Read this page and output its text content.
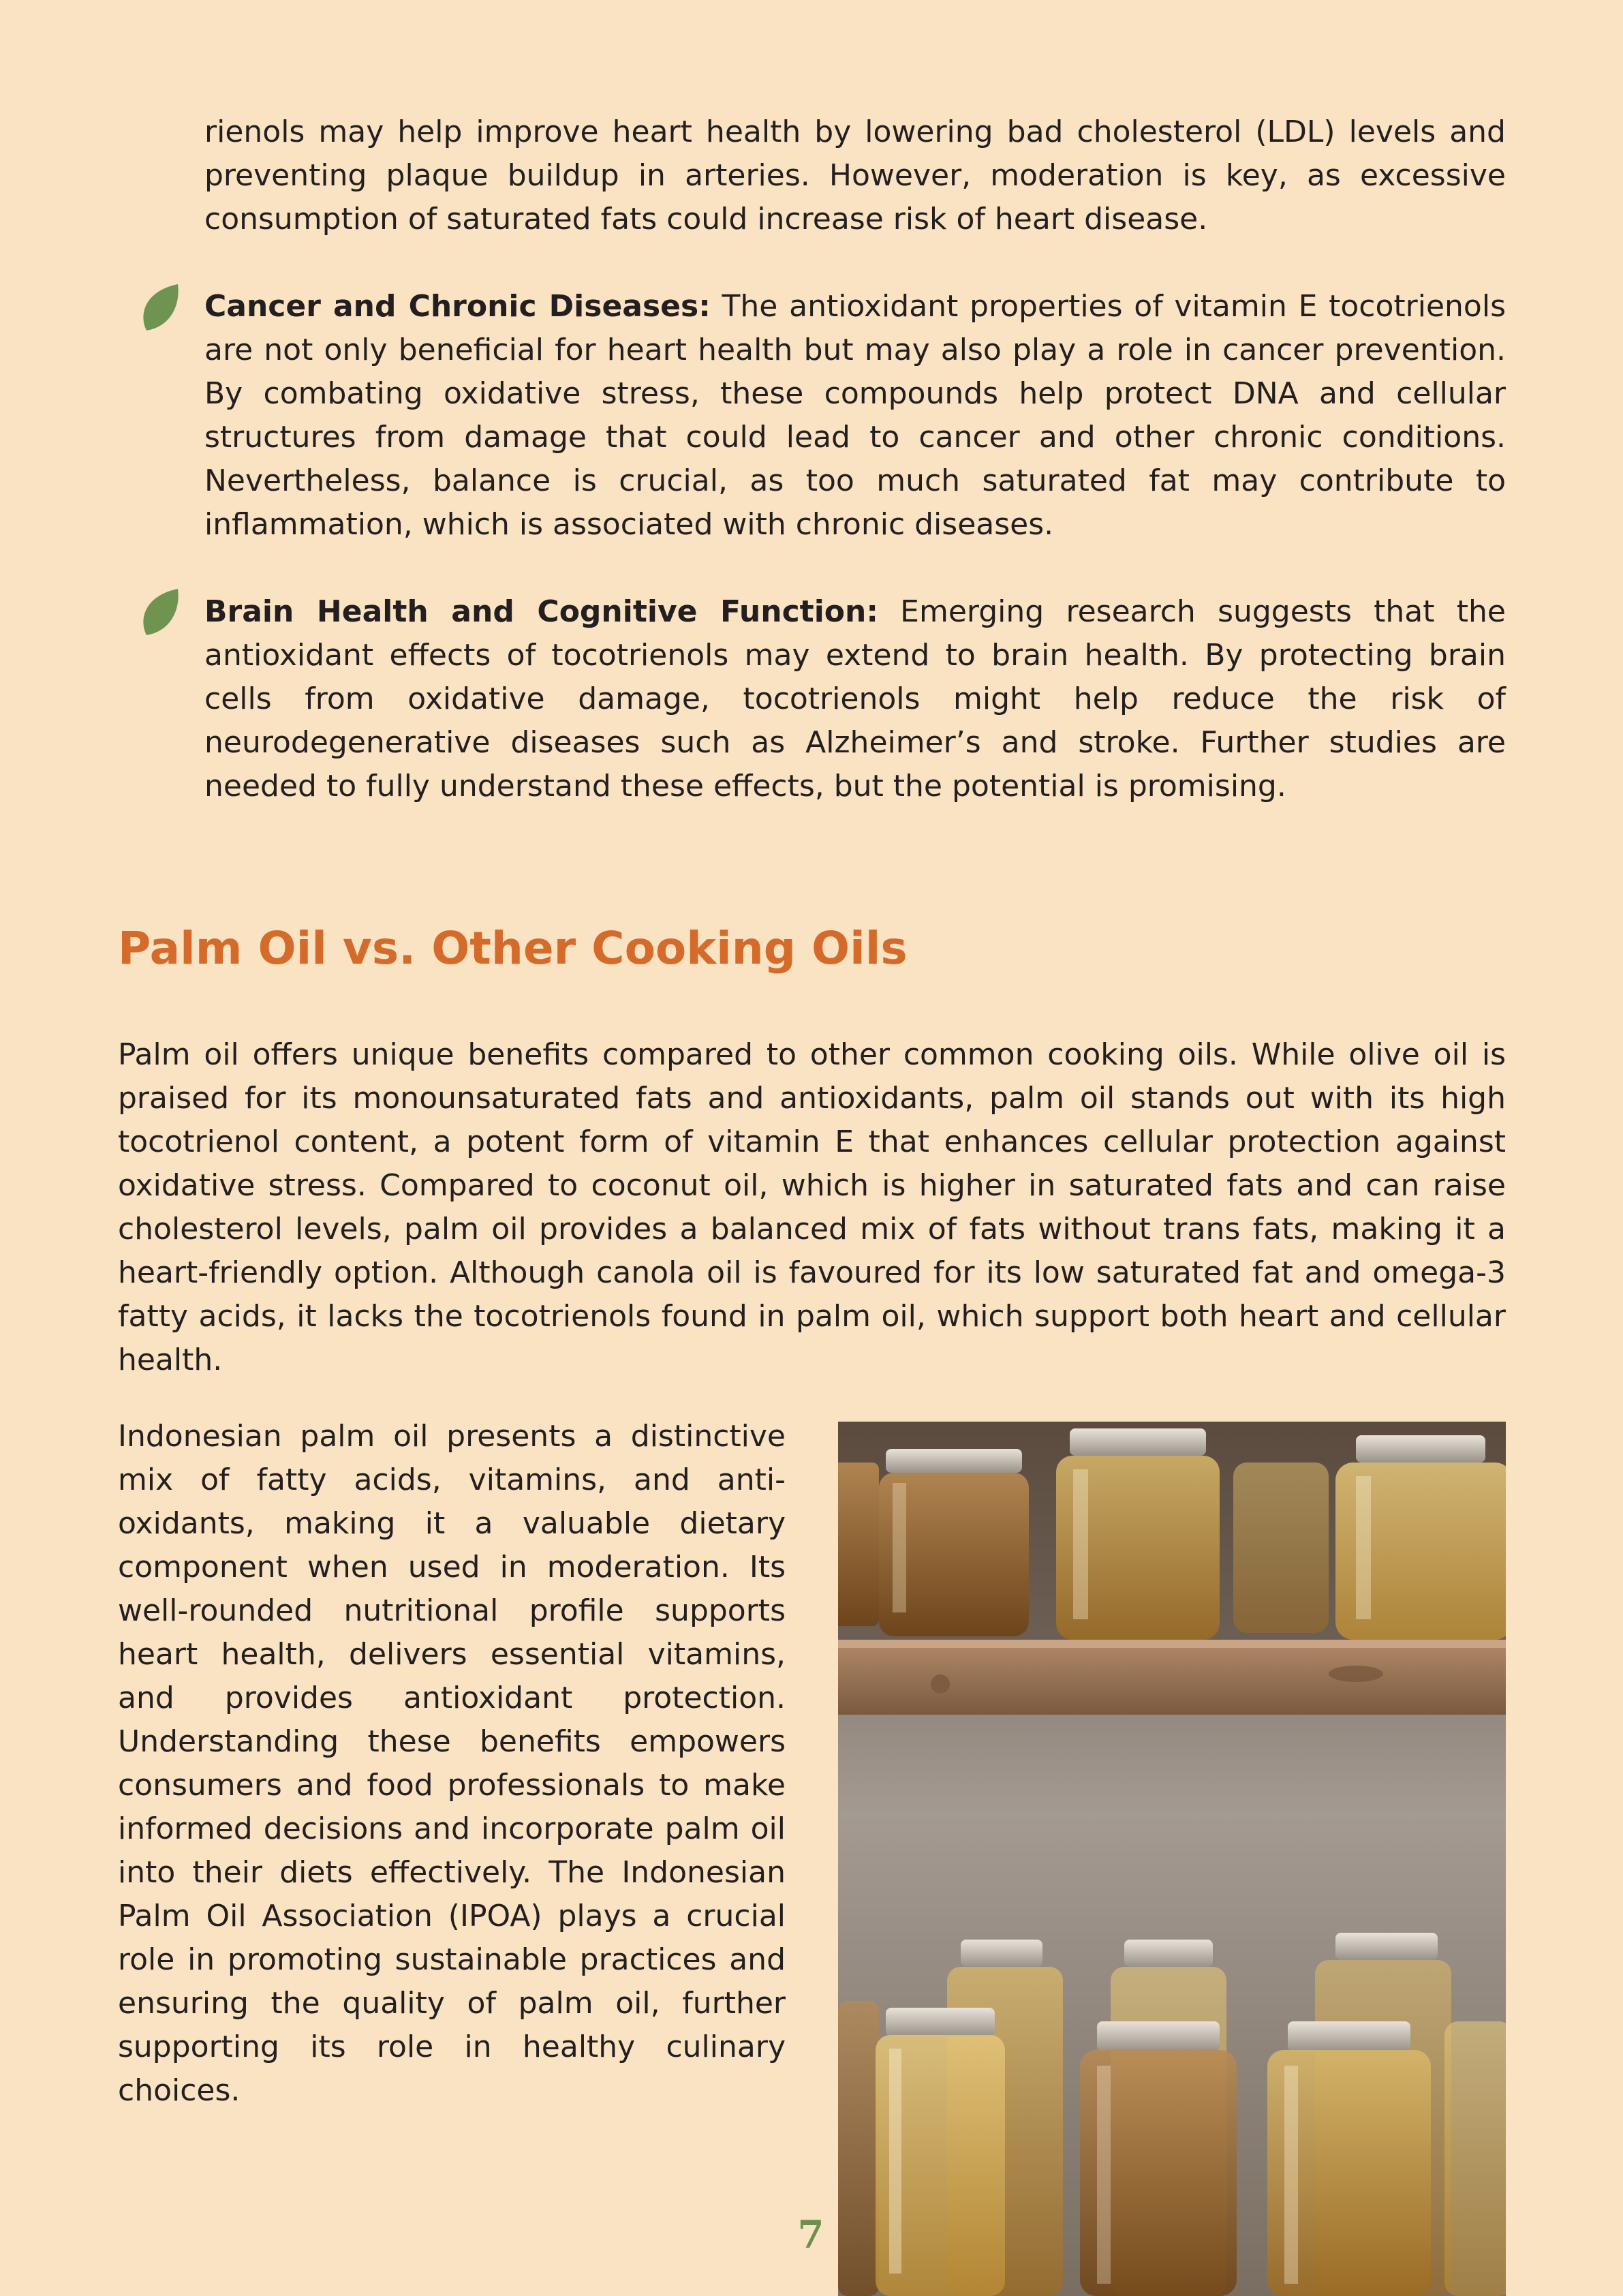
rienols may help improve heart health by lowering bad cholesterol (LDL) levels and preventing plaque buildup in arteries. However, moderation is key, as excessive consumption of saturated fats could increase risk of heart disease.

Cancer and Chronic Diseases: The antioxidant properties of vitamin E tocotrienols are not only beneficial for heart health but may also play a role in cancer prevention. By combating oxidative stress, these compounds help protect DNA and cellular structures from damage that could lead to cancer and other chronic conditions. Nevertheless, balance is crucial, as too much saturated fat may contribute to inflammation, which is associated with chronic diseases.

Brain Health and Cognitive Function: Emerging research suggests that the antioxidant effects of tocotrienols may extend to brain health. By protecting brain cells from oxidative damage, tocotrienols might help reduce the risk of neurodegenerative diseases such as Alzheimer’s and stroke. Further studies are needed to fully understand these effects, but the potential is promising.

Palm Oil vs. Other Cooking Oils

Palm oil offers unique benefits compared to other common cooking oils. While olive oil is praised for its monounsaturated fats and antioxidants, palm oil stands out with its high tocotrienol content, a potent form of vitamin E that enhances cellular protection against oxidative stress. Compared to coconut oil, which is higher in saturated fats and can raise cholesterol levels, palm oil provides a balanced mix of fats without trans fats, making it a heart-friendly option. Although canola oil is favoured for its low saturated fat and omega-3 fatty acids, it lacks the tocotrienols found in palm oil, which support both heart and cellular health.

Indonesian palm oil presents a distinctive mix of fatty acids, vitamins, and antioxidants, making it a valuable dietary component when used in moderation. Its well-rounded nutritional profile supports heart health, delivers essential vitamins, and provides antioxidant protection. Understanding these benefits empowers consumers and food professionals to make informed decisions and incorporate palm oil into their diets effectively. The Indonesian Palm Oil Association (IPOA) plays a crucial role in promoting sustainable practices and ensuring the quality of palm oil, further supporting its role in healthy culinary choices.

7
